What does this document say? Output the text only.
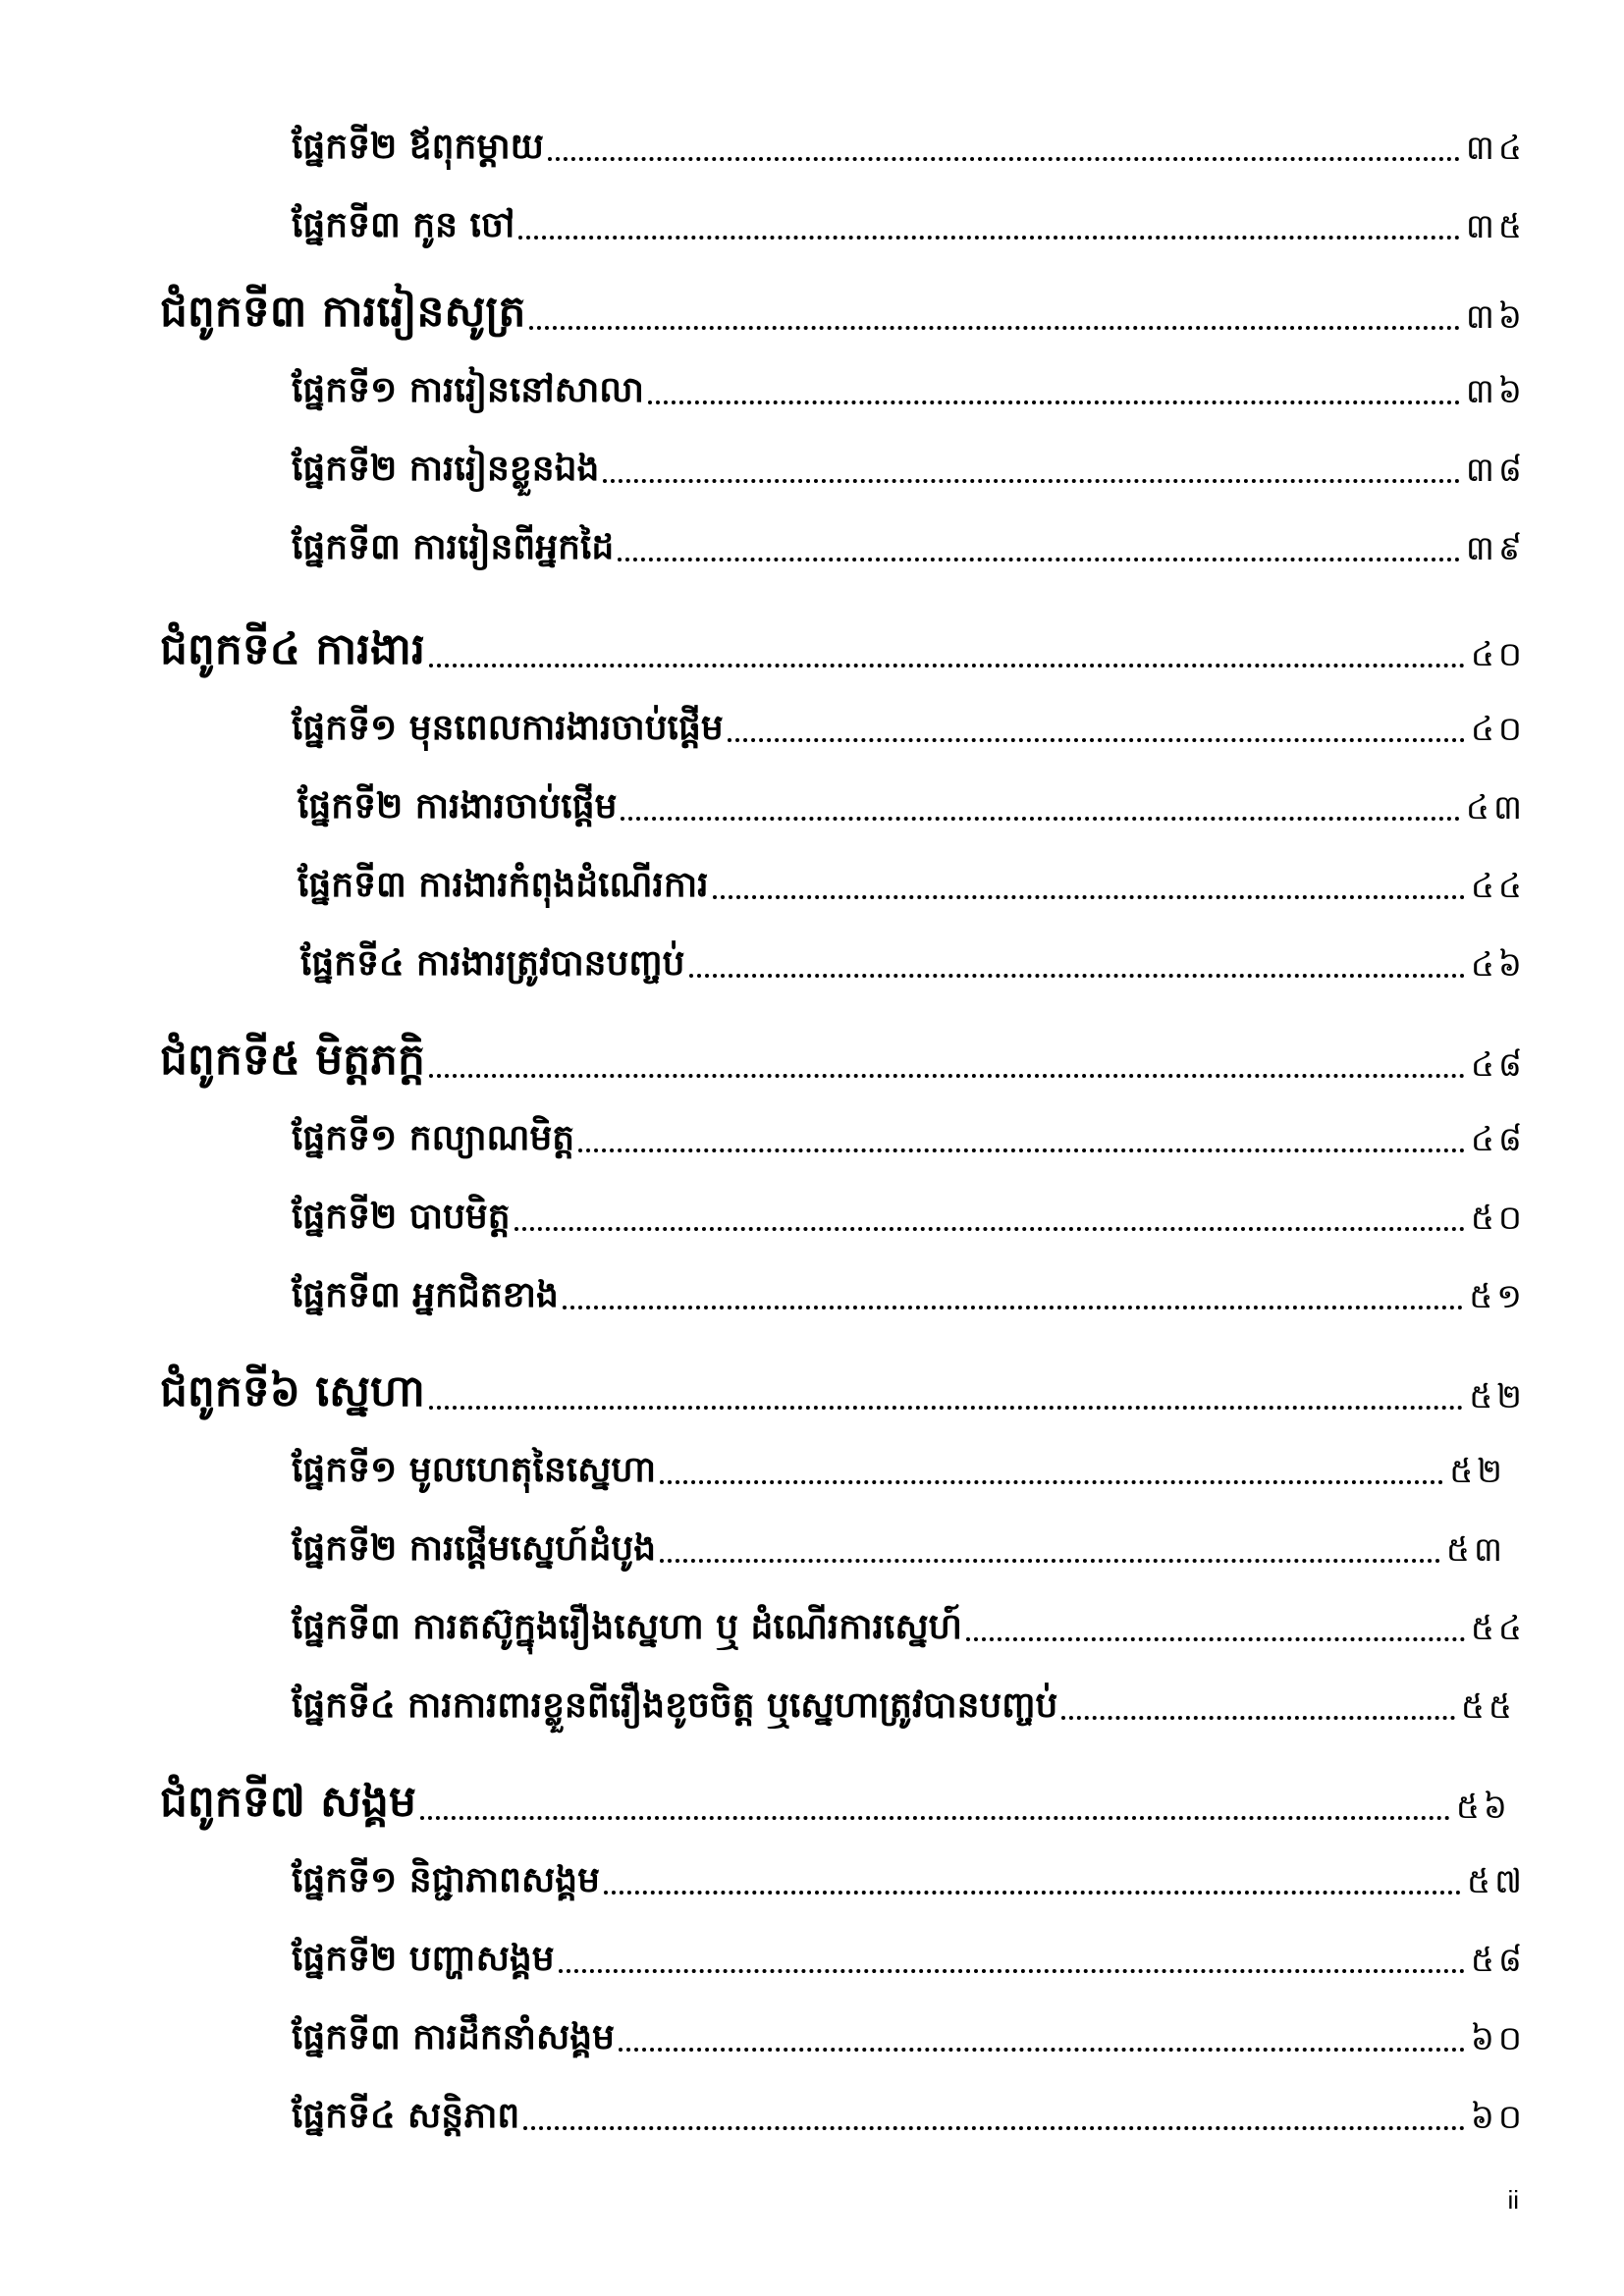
ផ្នែកទី២ ឪពុកម្ដាយ	៣៤
ផ្នែកទី៣ កូន ចៅ	៣៥
ជំពូកទី៣ ការរៀនសូត្រ	៣៦
ផ្នែកទី១ ការរៀននៅសាលា	៣៦
ផ្នែកទី២ ការរៀនខ្លួនឯង	៣៨
ផ្នែកទី៣ ការរៀនពីអ្នកដៃ	៣៩
ជំពូកទី៤ ការងារ	៤០
ផ្នែកទី១ មុនពេលការងារចាប់ផ្ដើម	៤០
ផ្នែកទី២ ការងារចាប់ផ្ដើម	៤៣
ផ្នែកទី៣ ការងារកំពុងដំណើរការ	៤៤
ផ្នែកទី៤ ការងារត្រូវបានបញ្ចប់	៤៦
ជំពូកទី៥ មិត្តភក្តិ	៤៨
ផ្នែកទី១ កល្យាណមិត្ត	៤៨
ផ្នែកទី២ បាបមិត្ត	៥០
ផ្នែកទី៣ អ្នកជិតខាង	៥១
ជំពូកទី៦ ស្នេហា	៥២
ផ្នែកទី១ មូលហេតុនៃស្នេហា	៥២
ផ្នែកទី២ ការផ្ដើមស្នេហ៍ដំបូង	៥៣
ផ្នែកទី៣ ការតស៊ូក្នុងរឿងស្នេហា ឬ ដំណើរការស្នេហ៍	៥៤
ផ្នែកទី៤ ការការពារខ្លួនពីរឿងខូចចិត្ត ឬស្នេហាត្រូវបានបញ្ចប់	៥៥
ជំពូកទី៧ សង្គម	៥៦
ផ្នែកទី១ និជ្ជាភាពសង្គម	៥៧
ផ្នែកទី២ បញ្ហាសង្គម	៥៨
ផ្នែកទី៣ ការដឹកនាំសង្គម	៦០
ផ្នែកទី៤ សន្តិភាព	៦០
ii
